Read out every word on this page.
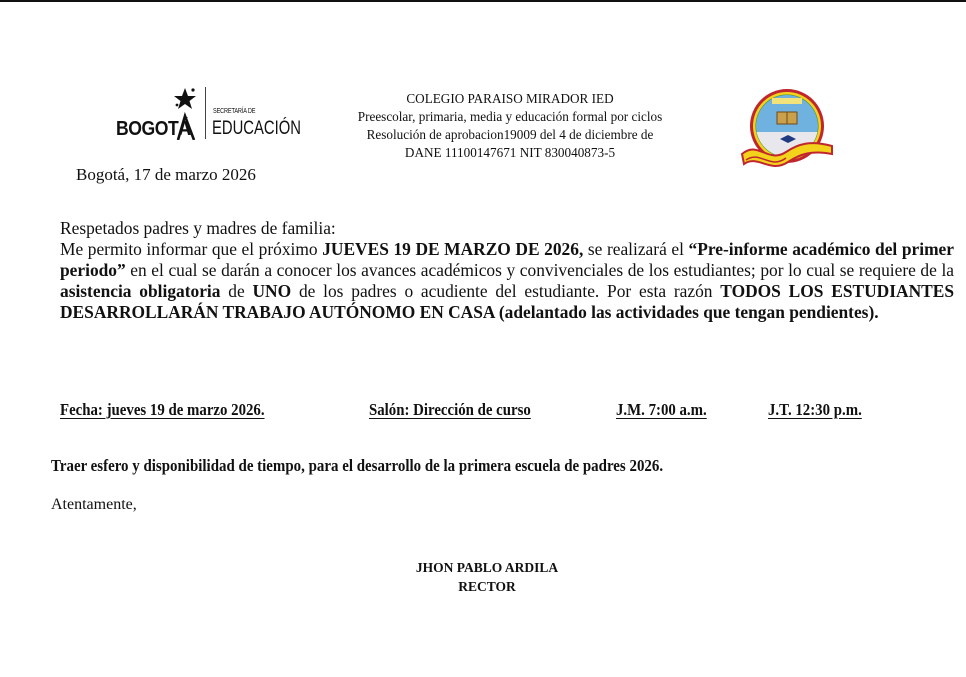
BOGOTÁ
SECRETARÍA DE
EDUCACIÓN
COLEGIO PARAISO MIRADOR IED
Preescolar, primaria, media y educación formal por ciclos
Resolución de aprobacion19009 del 4 de diciembre de
DANE 11100147671 NIT 830040873-5
Bogotá, 17 de marzo 2026
Respetados padres y madres de familia:
Me permito informar que el próximo JUEVES 19 DE MARZO DE 2026, se realizará el “Pre-informe académico del primer periodo” en el cual se darán a conocer los avances académicos y convivenciales de los estudiantes; por lo cual se requiere de la asistencia obligatoria de UNO de los padres o acudiente del estudiante. Por esta razón TODOS LOS ESTUDIANTES DESARROLLARÁN TRABAJO AUTÓNOMO EN CASA (adelantado las actividades que tengan pendientes).
Fecha: jueves 19 de marzo 2026.	Salón: Dirección de curso	J.M. 7:00 a.m.	J.T. 12:30 p.m.
Traer esfero y disponibilidad de tiempo, para el desarrollo de la primera escuela de padres 2026.
Atentamente,
JHON PABLO ARDILA
RECTOR
